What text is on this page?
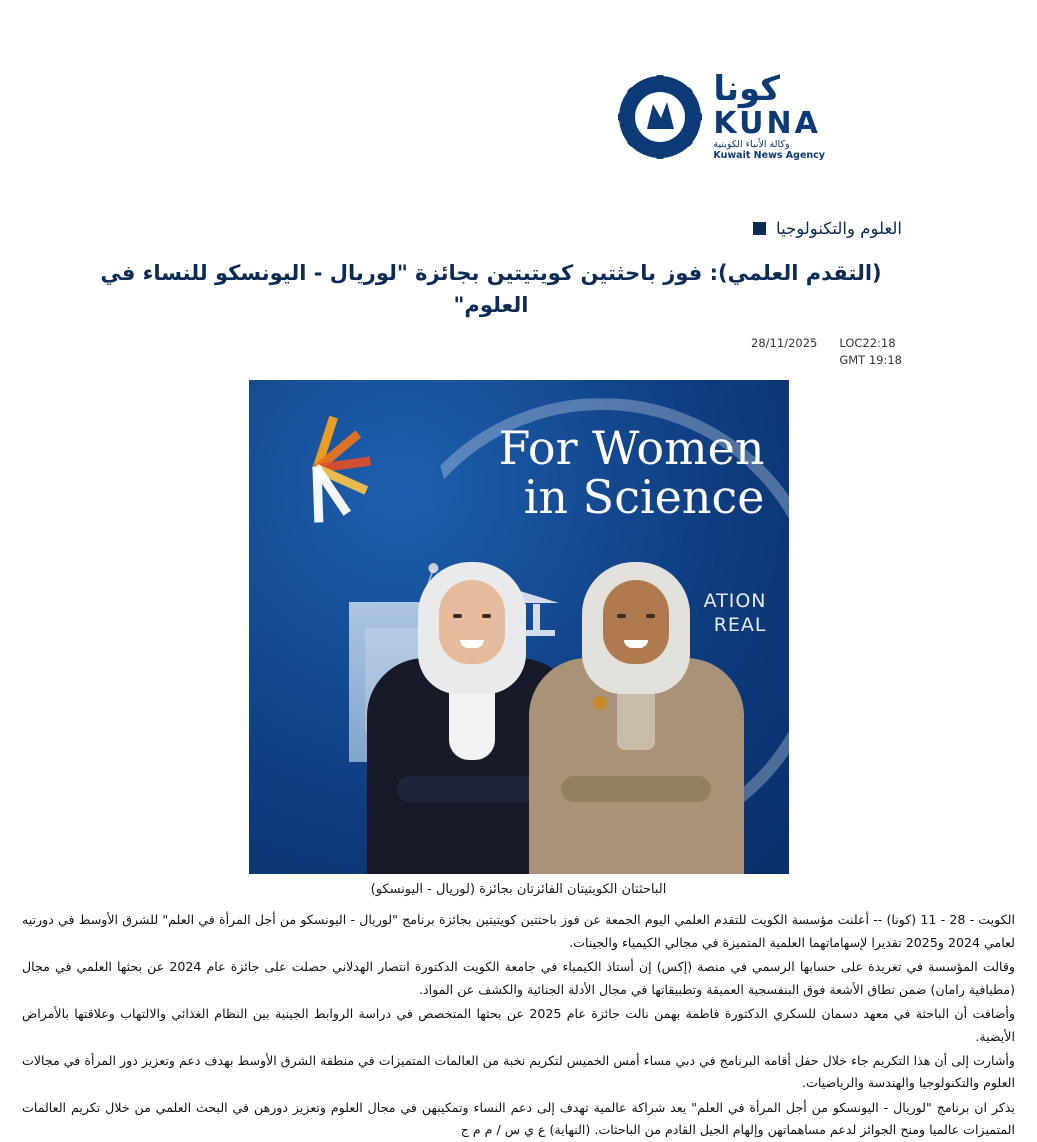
كونا
KUNA
وكالة الأنباء الكويتية
Kuwait News Agency
العلوم والتكنولوجيا
(التقدم العلمي): فوز باحثتين كويتيتين بجائزة "لوريال - اليونسكو للنساء في العلوم"
28/11/2025 LOC22:18
GMT 19:18
For Women
in Science
ATION
REAL
الباحثتان الكويتيتان الفائزتان بجائزة (لوريال - اليونسكو)

الكويت - 28 - 11 (كونا) -- أعلنت مؤسسة الكويت للتقدم العلمي اليوم الجمعة عن فوز باحثتين كويتيتين بجائزة برنامج "لوريال - اليونسكو من أجل المرأة في العلم" للشرق الأوسط في دورتيه لعامي 2024 و2025 تقديرا لإسهاماتهما العلمية المتميزة في مجالي الكيمياء والجينات.

وقالت المؤسسة في تغريدة على حسابها الرسمي في منصة (إكس) إن أستاذ الكيمياء في جامعة الكويت الدكتورة انتصار الهدلاني حصلت على جائزة عام 2024 عن بحثها العلمي في مجال (مطيافية رامان) ضمن نطاق الأشعة فوق البنفسجية العميقة وتطبيقاتها في مجال الأدلة الجنائية والكشف عن المواد.

وأضافت أن الباحثة في معهد دسمان للسكري الدكتورة فاطمة بهمن نالت جائزة عام 2025 عن بحثها المتخصص في دراسة الروابط الجينية بين النظام الغذائي والالتهاب وعلاقتها بالأمراض الأيضية.

وأشارت إلى أن هذا التكريم جاء خلال حفل أقامه البرنامج في دبي مساء أمس الخميس لتكريم نخبة من العالمات المتميزات في منطقة الشرق الأوسط بهدف دعم وتعزيز دور المرأة في مجالات العلوم والتكنولوجيا والهندسة والرياضيات.

يذكر ان برنامج "لوريال - اليونسكو من أجل المرأة في العلم" يعد شراكة عالمية تهدف إلى دعم النساء وتمكينهن في مجال العلوم وتعزيز دورهن في البحث العلمي من خلال تكريم العالمات المتميزات عالميا ومنح الجوائز لدعم مساهماتهن وإلهام الجيل القادم من الباحثات. (النهاية) ع ي س / م م ج
